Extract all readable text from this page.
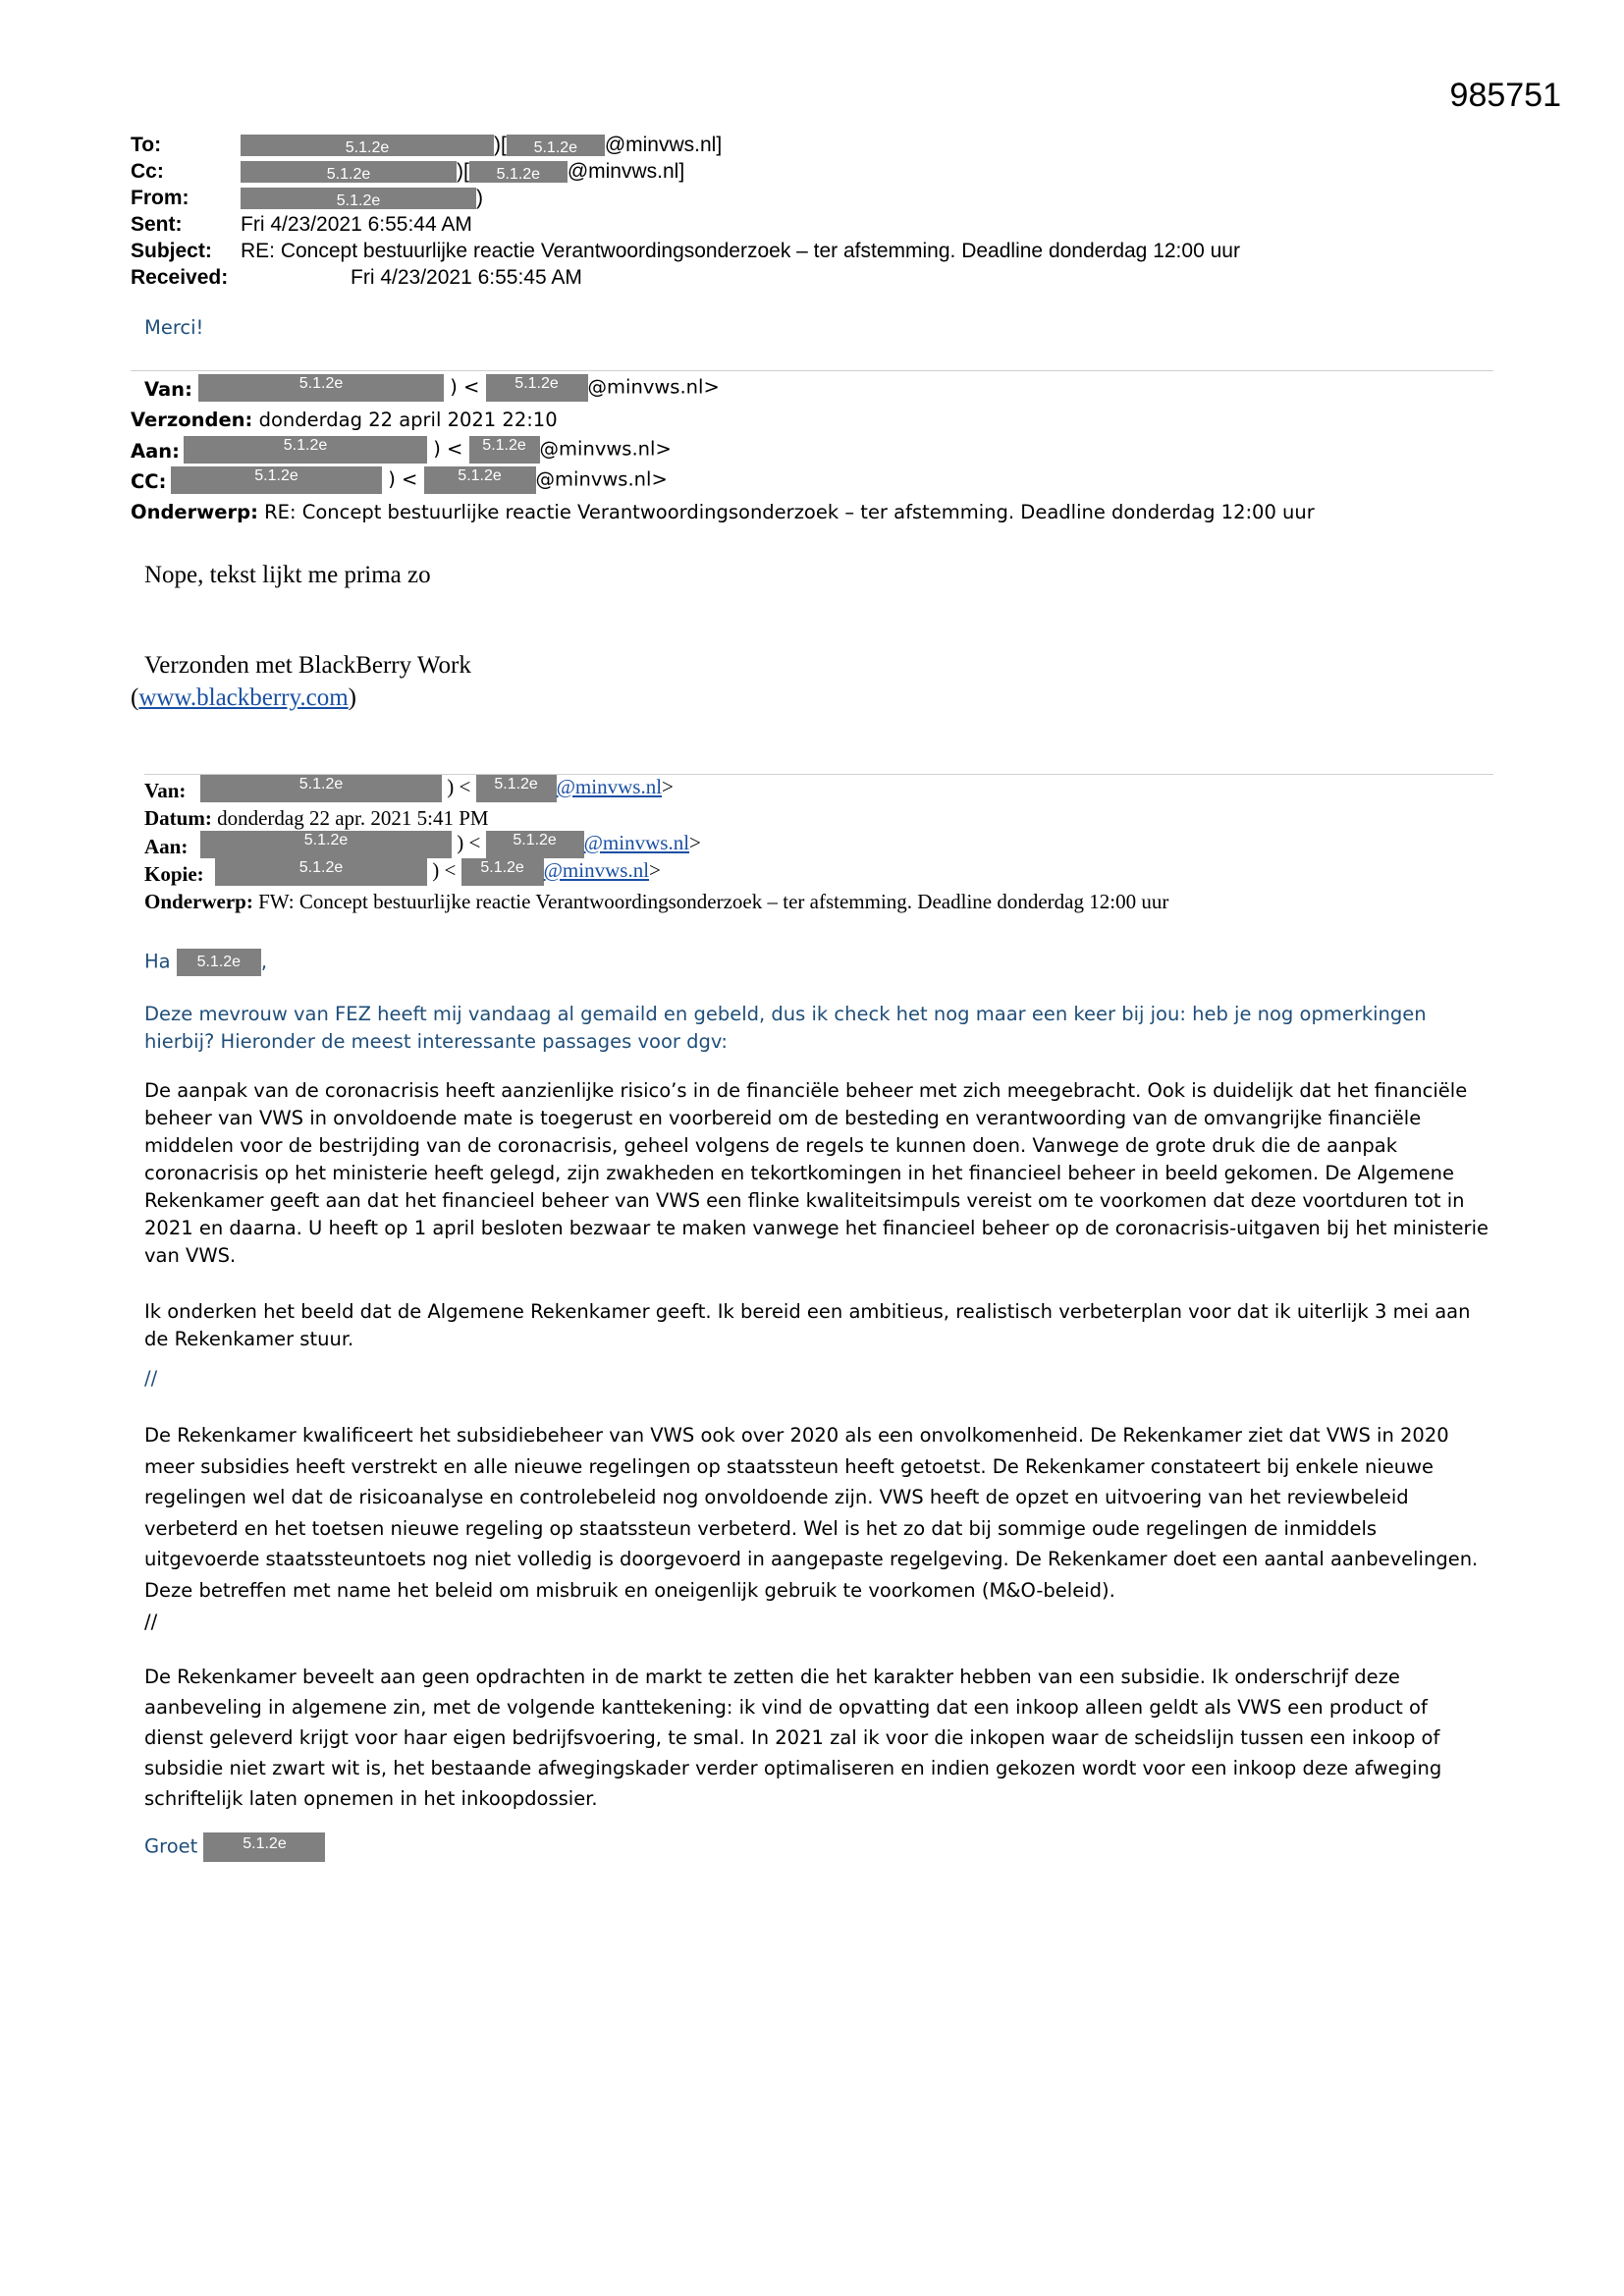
985751
To:	5.1.2e	)[ 5.1.2e @minvws.nl]
Cc:	5.1.2e	)[ 5.1.2e @minvws.nl]
From:	5.1.2e	)
Sent:	Fri 4/23/2021 6:55:44 AM
Subject: RE: Concept bestuurlijke reactie Verantwoordingsonderzoek – ter afstemming. Deadline donderdag 12:00 uur
Received:	Fri 4/23/2021 6:55:45 AM
Merci!
Van:	5.1.2e	) < 5.1.2e @minvws.nl>
Verzonden: donderdag 22 april 2021 22:10
Aan:	5.1.2e	) < 5.1.2e @minvws.nl>
CC:	5.1.2e	) < 5.1.2e @minvws.nl>
Onderwerp: RE: Concept bestuurlijke reactie Verantwoordingsonderzoek – ter afstemming. Deadline donderdag 12:00 uur
Nope, tekst lijkt me prima zo
Verzonden met BlackBerry Work
(www.blackberry.com)
Van:	5.1.2e	) < 5.1.2e @minvws.nl>
Datum: donderdag 22 apr. 2021 5:41 PM
Aan:	5.1.2e	) < 5.1.2e @minvws.nl>
Kopie:	5.1.2e	) < 5.1.2e @minvws.nl>
Onderwerp: FW: Concept bestuurlijke reactie Verantwoordingsonderzoek – ter afstemming. Deadline donderdag 12:00 uur
Ha 5.1.2e ,
Deze mevrouw van FEZ heeft mij vandaag al gemaild en gebeld, dus ik check het nog maar een keer bij jou: heb je nog opmerkingen hierbij? Hieronder de meest interessante passages voor dgv:
De aanpak van de coronacrisis heeft aanzienlijke risico’s in de financiële beheer met zich meegebracht. Ook is duidelijk dat het financiële beheer van VWS in onvoldoende mate is toegerust en voorbereid om de besteding en verantwoording van de omvangrijke financiële middelen voor de bestrijding van de coronacrisis, geheel volgens de regels te kunnen doen. Vanwege de grote druk die de aanpak coronacrisis op het ministerie heeft gelegd, zijn zwakheden en tekortkomingen in het financieel beheer in beeld gekomen. De Algemene Rekenkamer geeft aan dat het financieel beheer van VWS een flinke kwaliteitsimpuls vereist om te voorkomen dat deze voortduren tot in 2021 en daarna. U heeft op 1 april besloten bezwaar te maken vanwege het financieel beheer op de coronacrisis-uitgaven bij het ministerie van VWS.
Ik onderken het beeld dat de Algemene Rekenkamer geeft. Ik bereid een ambitieus, realistisch verbeterplan voor dat ik uiterlijk 3 mei aan de Rekenkamer stuur.
//
De Rekenkamer kwalificeert het subsidiebeheer van VWS ook over 2020 als een onvolkomenheid. De Rekenkamer ziet dat VWS in 2020 meer subsidies heeft verstrekt en alle nieuwe regelingen op staatssteun heeft getoetst. De Rekenkamer constateert bij enkele nieuwe regelingen wel dat de risicoanalyse en controlebeleid nog onvoldoende zijn. VWS heeft de opzet en uitvoering van het reviewbeleid verbeterd en het toetsen nieuwe regeling op staatssteun verbeterd. Wel is het zo dat bij sommige oude regelingen de inmiddels uitgevoerde staatssteuntoets nog niet volledig is doorgevoerd in aangepaste regelgeving. De Rekenkamer doet een aantal aanbevelingen. Deze betreffen met name het beleid om misbruik en oneigenlijk gebruik te voorkomen (M&O-beleid).
//
De Rekenkamer beveelt aan geen opdrachten in de markt te zetten die het karakter hebben van een subsidie. Ik onderschrijf deze aanbeveling in algemene zin, met de volgende kanttekening: ik vind de opvatting dat een inkoop alleen geldt als VWS een product of dienst geleverd krijgt voor haar eigen bedrijfsvoering, te smal. In 2021 zal ik voor die inkopen waar de scheidslijn tussen een inkoop of subsidie niet zwart wit is, het bestaande afwegingskader verder optimaliseren en indien gekozen wordt voor een inkoop deze afweging schriftelijk laten opnemen in het inkoopdossier.
Groet	5.1.2e
